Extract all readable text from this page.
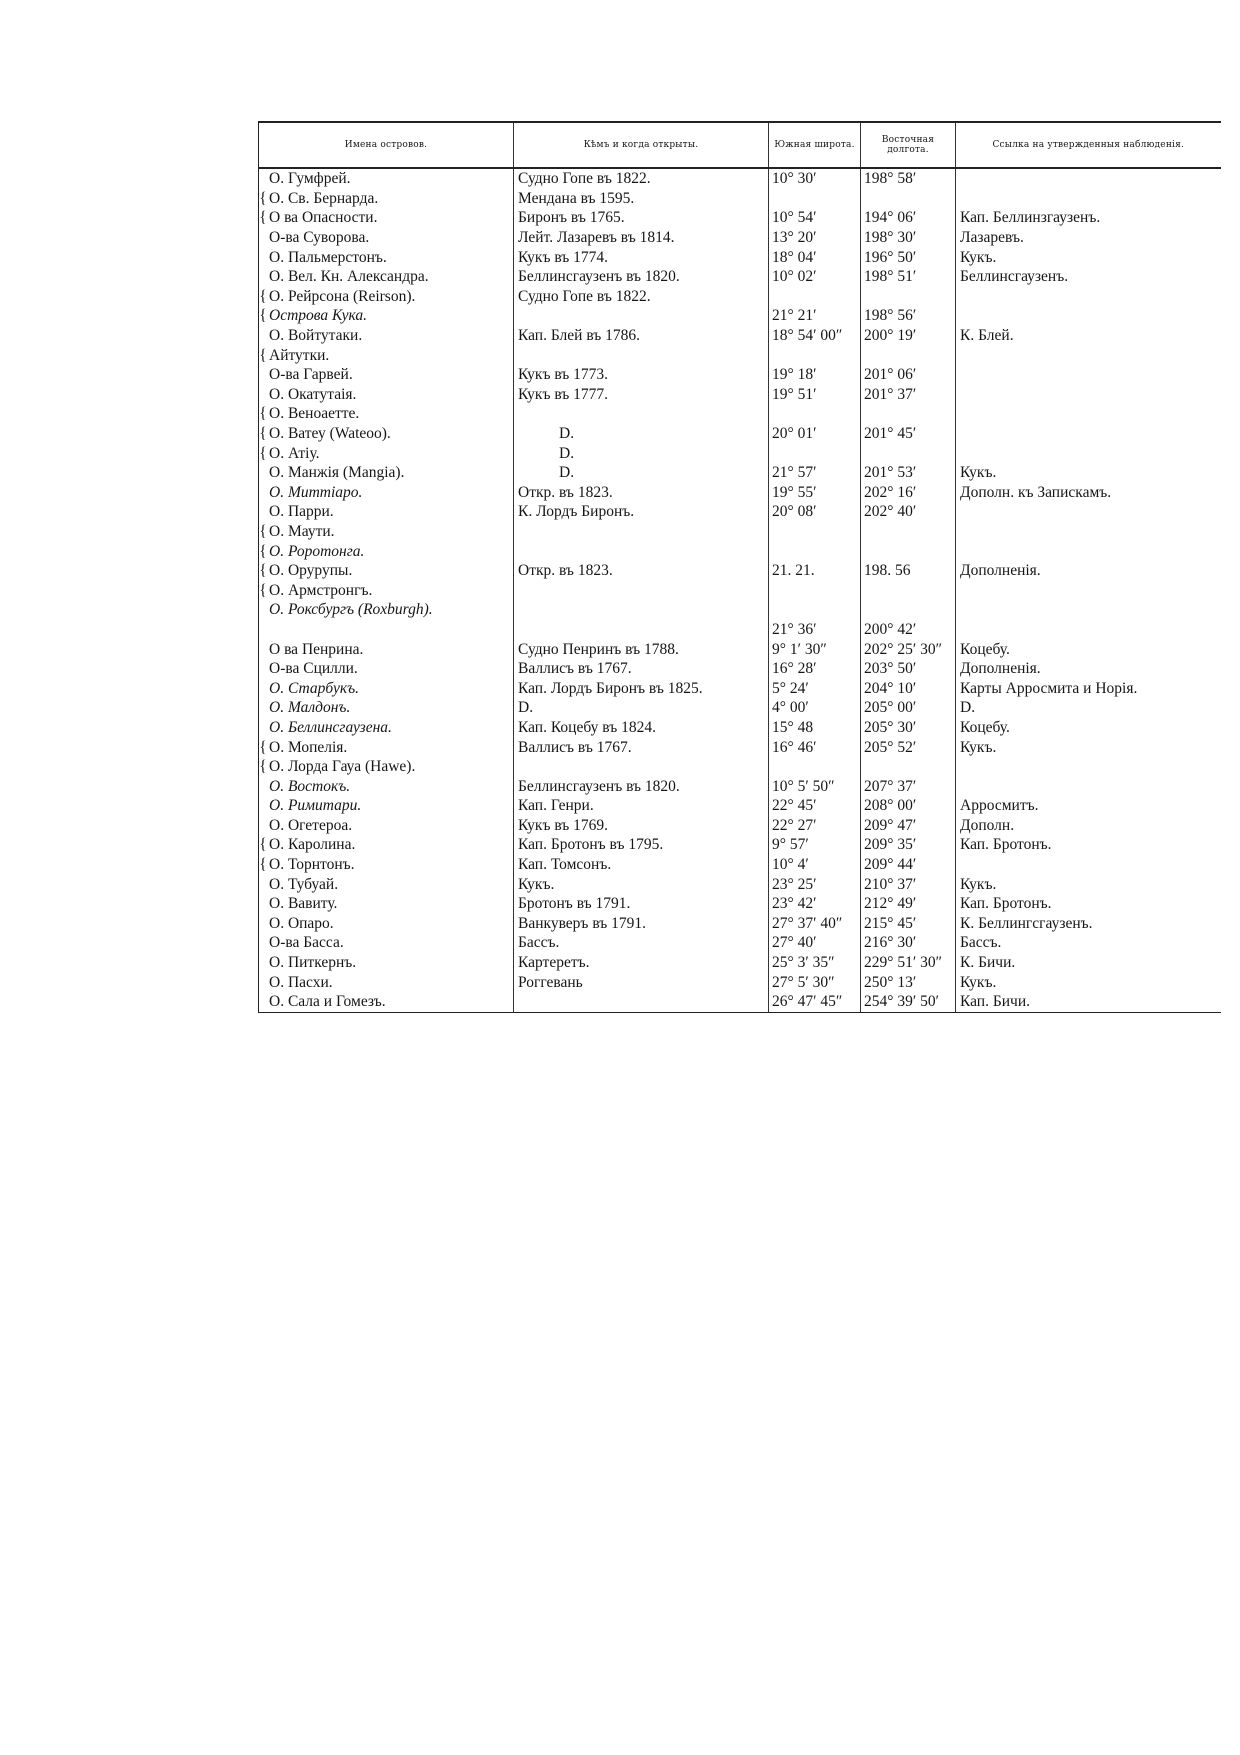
Имена островов.	Кѣмъ и когда открыты.	Южная широта.	Восточная долгота.	Ссылка на утвержденныя наблюденія.
О. Гумфрей.	Судно Гопе въ 1822.	10° 30′	198° 58′	
{ О. Св. Бернарда.	Мендана въ 1595.			
{ О ва Опасности.	Биронъ въ 1765.	10° 54′	194° 06′	Кап. Беллинзгаузенъ.
О-ва Суворова.	Лейт. Лазаревъ въ 1814.	13° 20′	198° 30′	Лазаревъ.
О. Пальмерстонъ.	Кукъ въ 1774.	18° 04′	196° 50′	Кукъ.
О. Вел. Кн. Александра.	Беллинсгаузенъ въ 1820.	10° 02′	198° 51′	Беллинсгаузенъ.
{ О. Рейрсона (Reirson).	Судно Гопе въ 1822.			
{ Острова Кука.		21° 21′	198° 56′	
О. Войтутаки.	Кап. Блей въ 1786.	18° 54′ 00″	200° 19′	К. Блей.
{ Айтутки.				
О-ва Гарвей.	Кукъ въ 1773.	19° 18′	201° 06′	
О. Окатутаія.	Кукъ въ 1777.	19° 51′	201° 37′	
{ О. Веноаетте.				
{ О. Ватеу (Wateoo).	D.	20° 01′	201° 45′	
{ О. Атіу.	D.			
О. Манжія (Mangia).	D.	21° 57′	201° 53′	Кукъ.
О. Миттіаро.	Откр. въ 1823.	19° 55′	202° 16′	Дополн. къ Запискамъ.
О. Парри.	К. Лордъ Биронъ.	20° 08′	202° 40′	
{ О. Маути.				
{ О. Роротонга.				
{ О. Орурупы.	Откр. въ 1823.	21. 21.	198. 56	Дополненія.
{ О. Армстронгъ.				
О. Роксбургъ (Roxburgh).				
		21° 36′	200° 42′	
О ва Пенрина.	Судно Пенринъ въ 1788.	9° 1′ 30″	202° 25′ 30″	Коцебу.
О-ва Сцилли.	Валлисъ въ 1767.	16° 28′	203° 50′	Дополненія.
О. Старбукъ.	Кап. Лордъ Биронъ въ 1825.	5° 24′	204° 10′	Карты Арросмита и Норія.
О. Малдонъ.	D.	4° 00′	205° 00′	D.
О. Беллинсгаузена.	Кап. Коцебу въ 1824.	15° 48	205° 30′	Коцебу.
{ О. Мопелія.	Валлисъ въ 1767.	16° 46′	205° 52′	Кукъ.
{ О. Лорда Гауа (Hawe).				
О. Востокъ.	Беллинсгаузенъ въ 1820.	10° 5′ 50″	207° 37′	
О. Римитари.	Кап. Генри.	22° 45′	208° 00′	Арросмитъ.
О. Огетероа.	Кукъ въ 1769.	22° 27′	209° 47′	Дополн.
{ О. Каролина.	Кап. Бротонъ въ 1795.	9° 57′	209° 35′	Кап. Бротонъ.
{ О. Торнтонъ.	Кап. Томсонъ.	10° 4′	209° 44′	
О. Тубуай.	Кукъ.	23° 25′	210° 37′	Кукъ.
О. Вавиту.	Бротонъ въ 1791.	23° 42′	212° 49′	Кап. Бротонъ.
О. Опаро.	Ванкуверъ въ 1791.	27° 37′ 40″	215° 45′	К. Беллингсгаузенъ.
О-ва Басса.	Бассъ.	27° 40′	216° 30′	Бассъ.
О. Питкернъ.	Картеретъ.	25° 3′ 35″	229° 51′ 30″	К. Бичи.
О. Пасхи.	Роггевань	27° 5′ 30″	250° 13′	Кукъ.
О. Сала и Гомезъ.		26° 47′ 45″	254° 39′ 50′	Кап. Бичи.
